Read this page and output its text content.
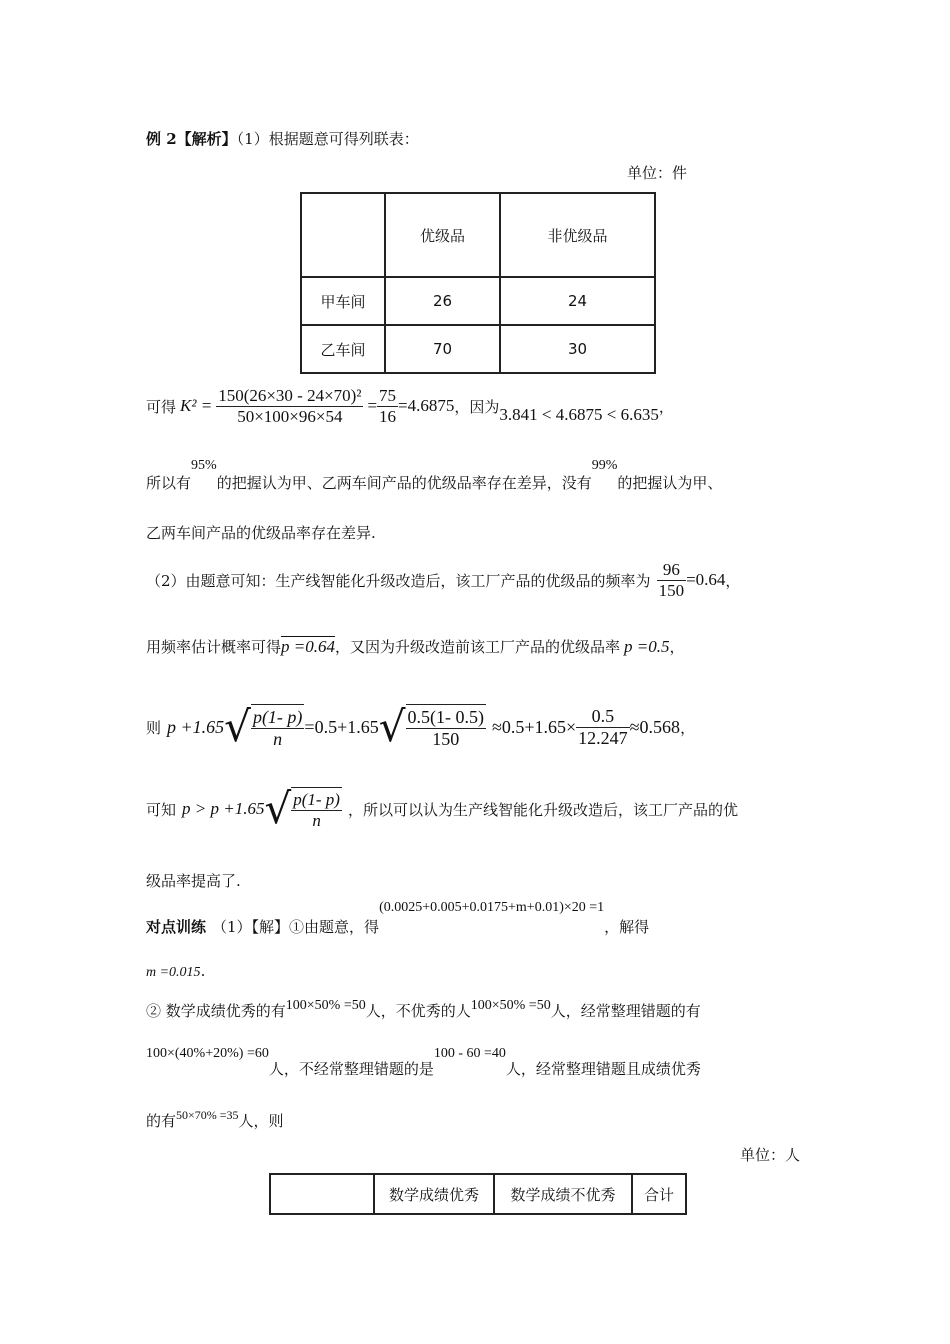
例 2【解析】（1）根据题意可得列联表：
单位：件
	优级品	非优级品
甲车间	26	24
乙车间	70	30
可得 $K^2 = \frac{\text{150(26×30 - 24×70)²}}{50\times 100\times 96\times 54} = \frac{75}{16} =4.6875$ ，因为 3.841 < 4.6875 < 6.635 ，
所以有
95%
的把握认为甲、乙两车间产品的优级品率存在差异，没有
99%
的把握认为甲、
乙两车间产品的优级品率存在差异.
（2）由题意可知：生产线智能化升级改造后，该工厂产品的优级品的频率为 $\frac{96}{150} =0.64$ ，
用频率估计概率可得 p =0.64 ，又因为升级改造前该工厂产品的优级品率 p =0.5 ，
则 p +1.65 √ $\frac{p(1- p)}{n} =0.5+1.65$ √ $\frac{0.5(1- 0.5)}{150} \approx 0.5+1.65\times \frac{0.5}{12.247} \approx 0.568$ ，
可知 p > p +1.65 √ $\frac{p(1- p)}{n}$ ，所以可以认为生产线智能化升级改造后，该工厂产品的优
级品率提高了.
对点训练 （1）【解】①由题意，得
(0.0025+0.005+0.0175+m+0.01)×20 =1
，解得
m =0.015.
② 数学成绩优秀的有 100×50% =50 人，不优秀的人 100×50% =50 人，经常整理错题的有
100×(40%+20%) =60
人，不经常整理错题的是
100 - 60 =40
人，经常整理错题且成绩优秀
的有 50×70% =35 人，则
单位：人
	数学成绩优秀	数学成绩不优秀	合计
